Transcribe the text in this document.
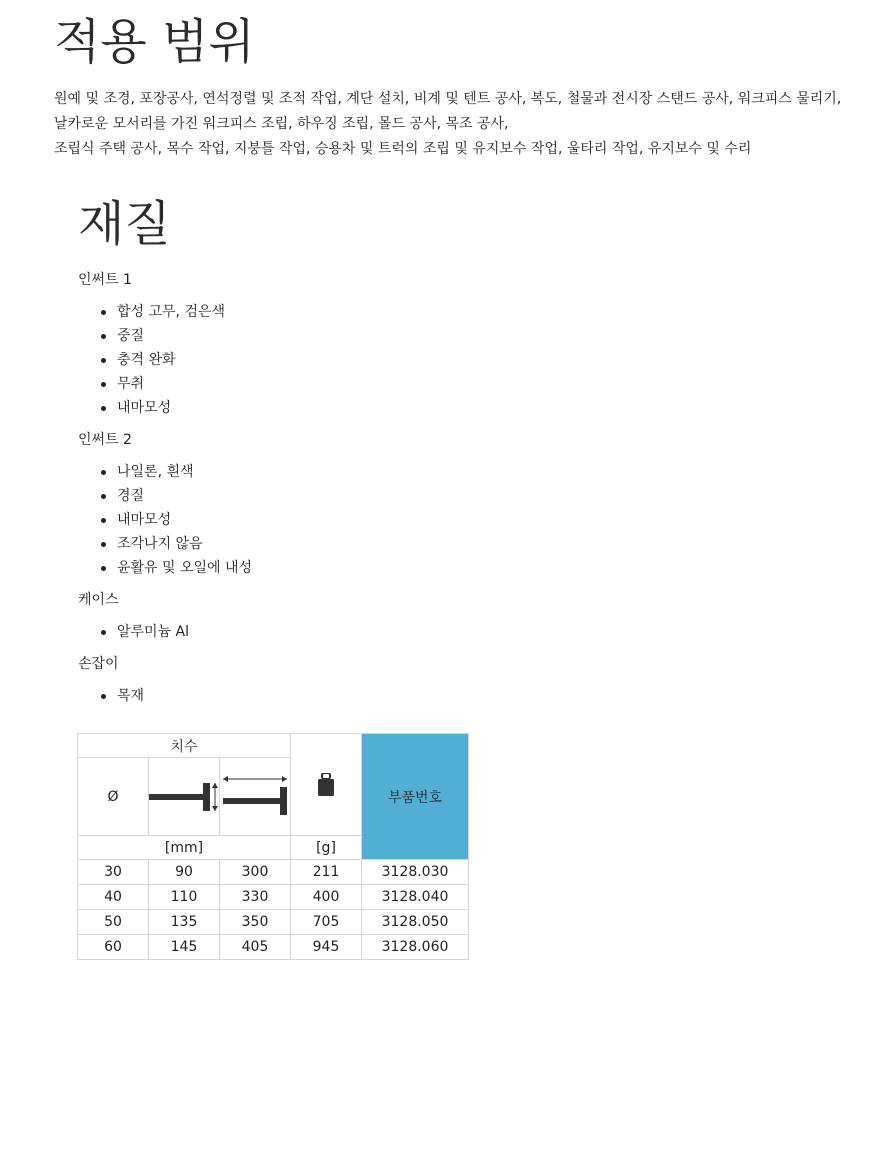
적용 범위
원예 및 조경, 포장공사, 연석정렬 및 조적 작업, 계단 설치, 비계 및 텐트 공사, 복도, 철물과 전시장 스탠드 공사, 워크피스 물리기,
날카로운 모서리를 가진 워크피스 조립, 하우징 조립, 몰드 공사, 목조 공사,
조립식 주택 공사, 목수 작업, 지붕틀 작업, 승용차 및 트럭의 조립 및 유지보수 작업, 울타리 작업, 유지보수 및 수리
재질
인써트 1
합성 고무, 검은색
중질
충격 완화
무취
내마모성
인써트 2
나일론, 흰색
경질
내마모성
조각나지 않음
윤활유 및 오일에 내성
케이스
알루미늄 Al
손잡이
목재
치수				부품번호
Ø	

[mm]			[g]	
30	90	300	211	3128.030
40	110	330	400	3128.040
50	135	350	705	3128.050
60	145	405	945	3128.060
